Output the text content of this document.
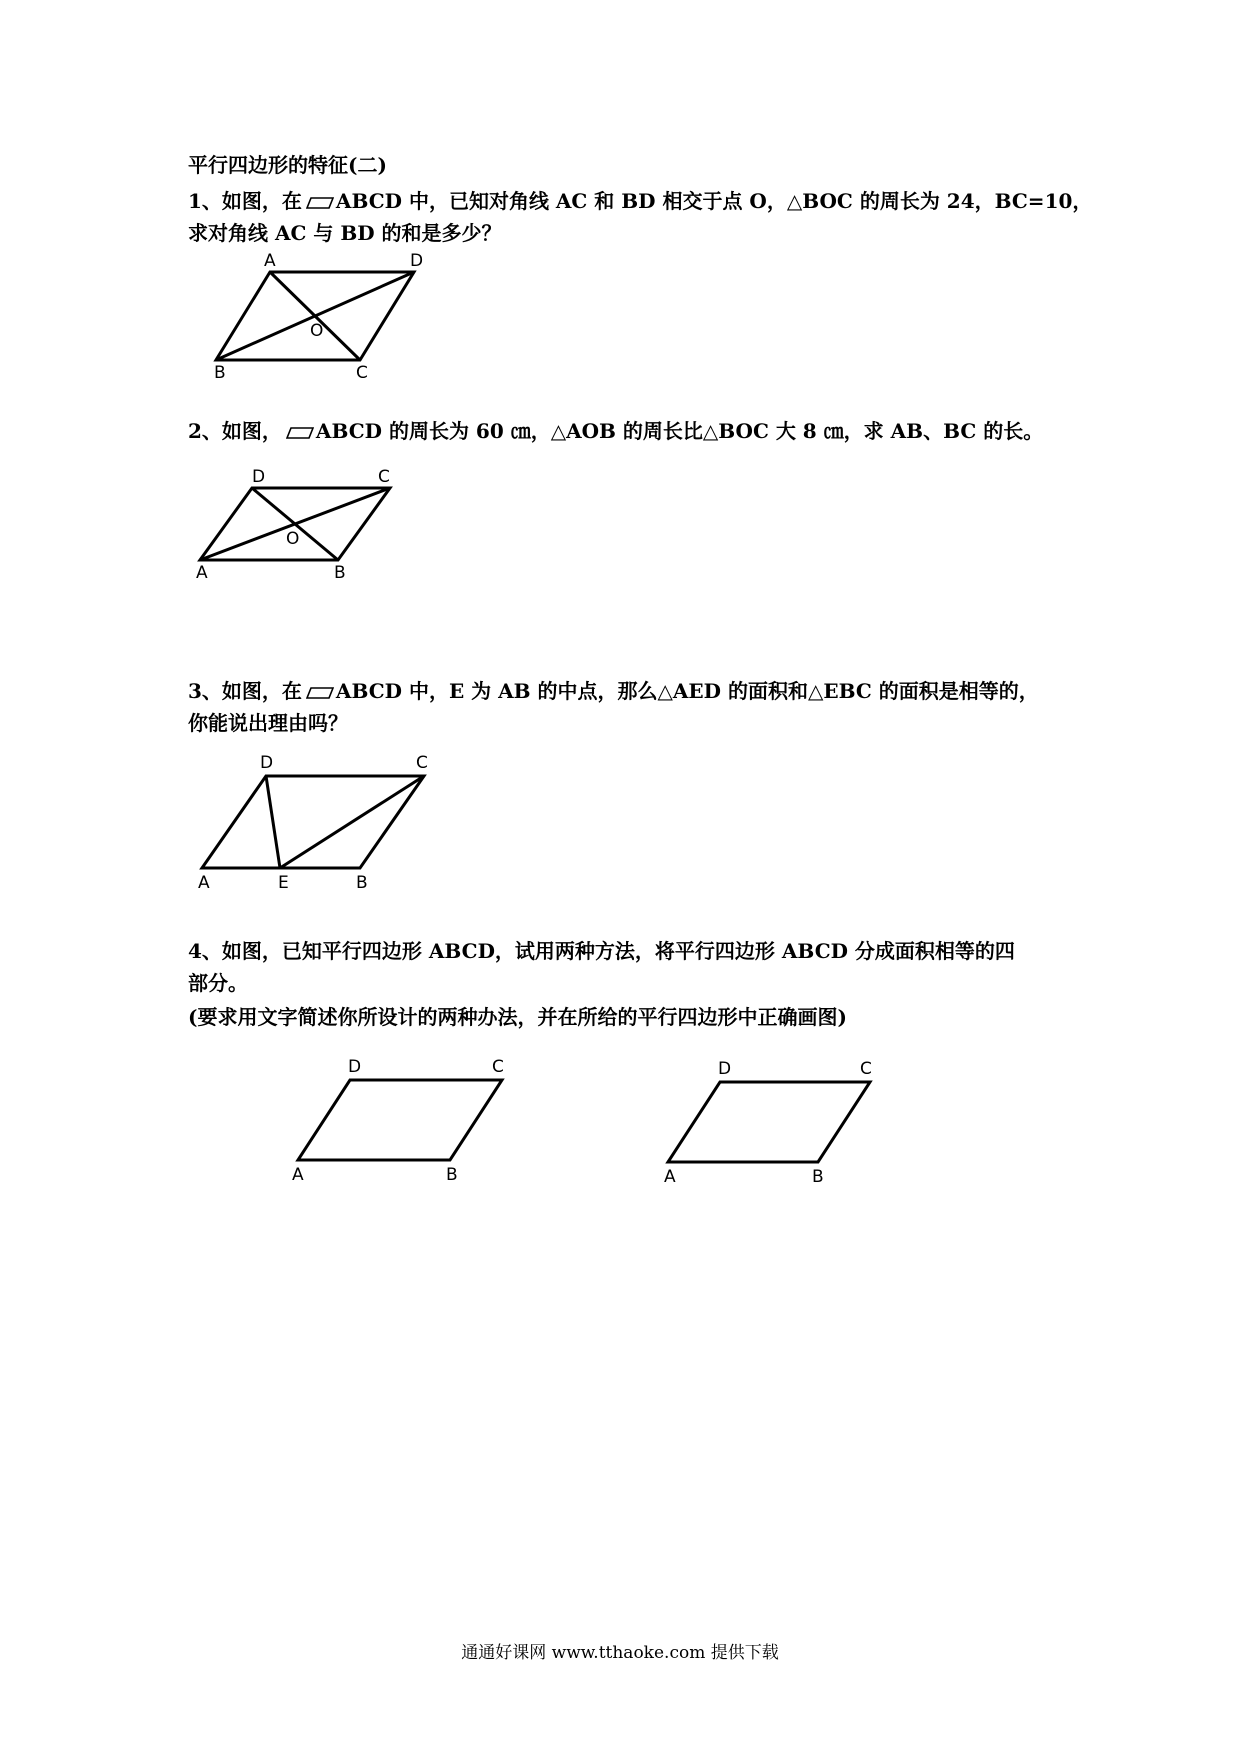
平行四边形的特征(二)
1、如图，在 ABCD 中，已知对角线 AC 和 BD 相交于点 O，△BOC 的周长为 24，BC=10，
求对角线 AC 与 BD 的和是多少？
A	D
O
B	C
2、如图， ABCD 的周长为 60 ㎝，△AOB 的周长比△BOC 大 8 ㎝，求 AB、BC 的长。
D	C
O
A	B
3、如图，在 ABCD 中，E 为 AB 的中点，那么△AED 的面积和△EBC 的面积是相等的，
你能说出理由吗？
D	C
A	E	B
4、如图，已知平行四边形 ABCD，试用两种方法，将平行四边形 ABCD 分成面积相等的四
部分。
(要求用文字简述你所设计的两种办法，并在所给的平行四边形中正确画图)
D	C
A	B
D	C
A	B
通通好课网 www.tthaoke.com 提供下载
